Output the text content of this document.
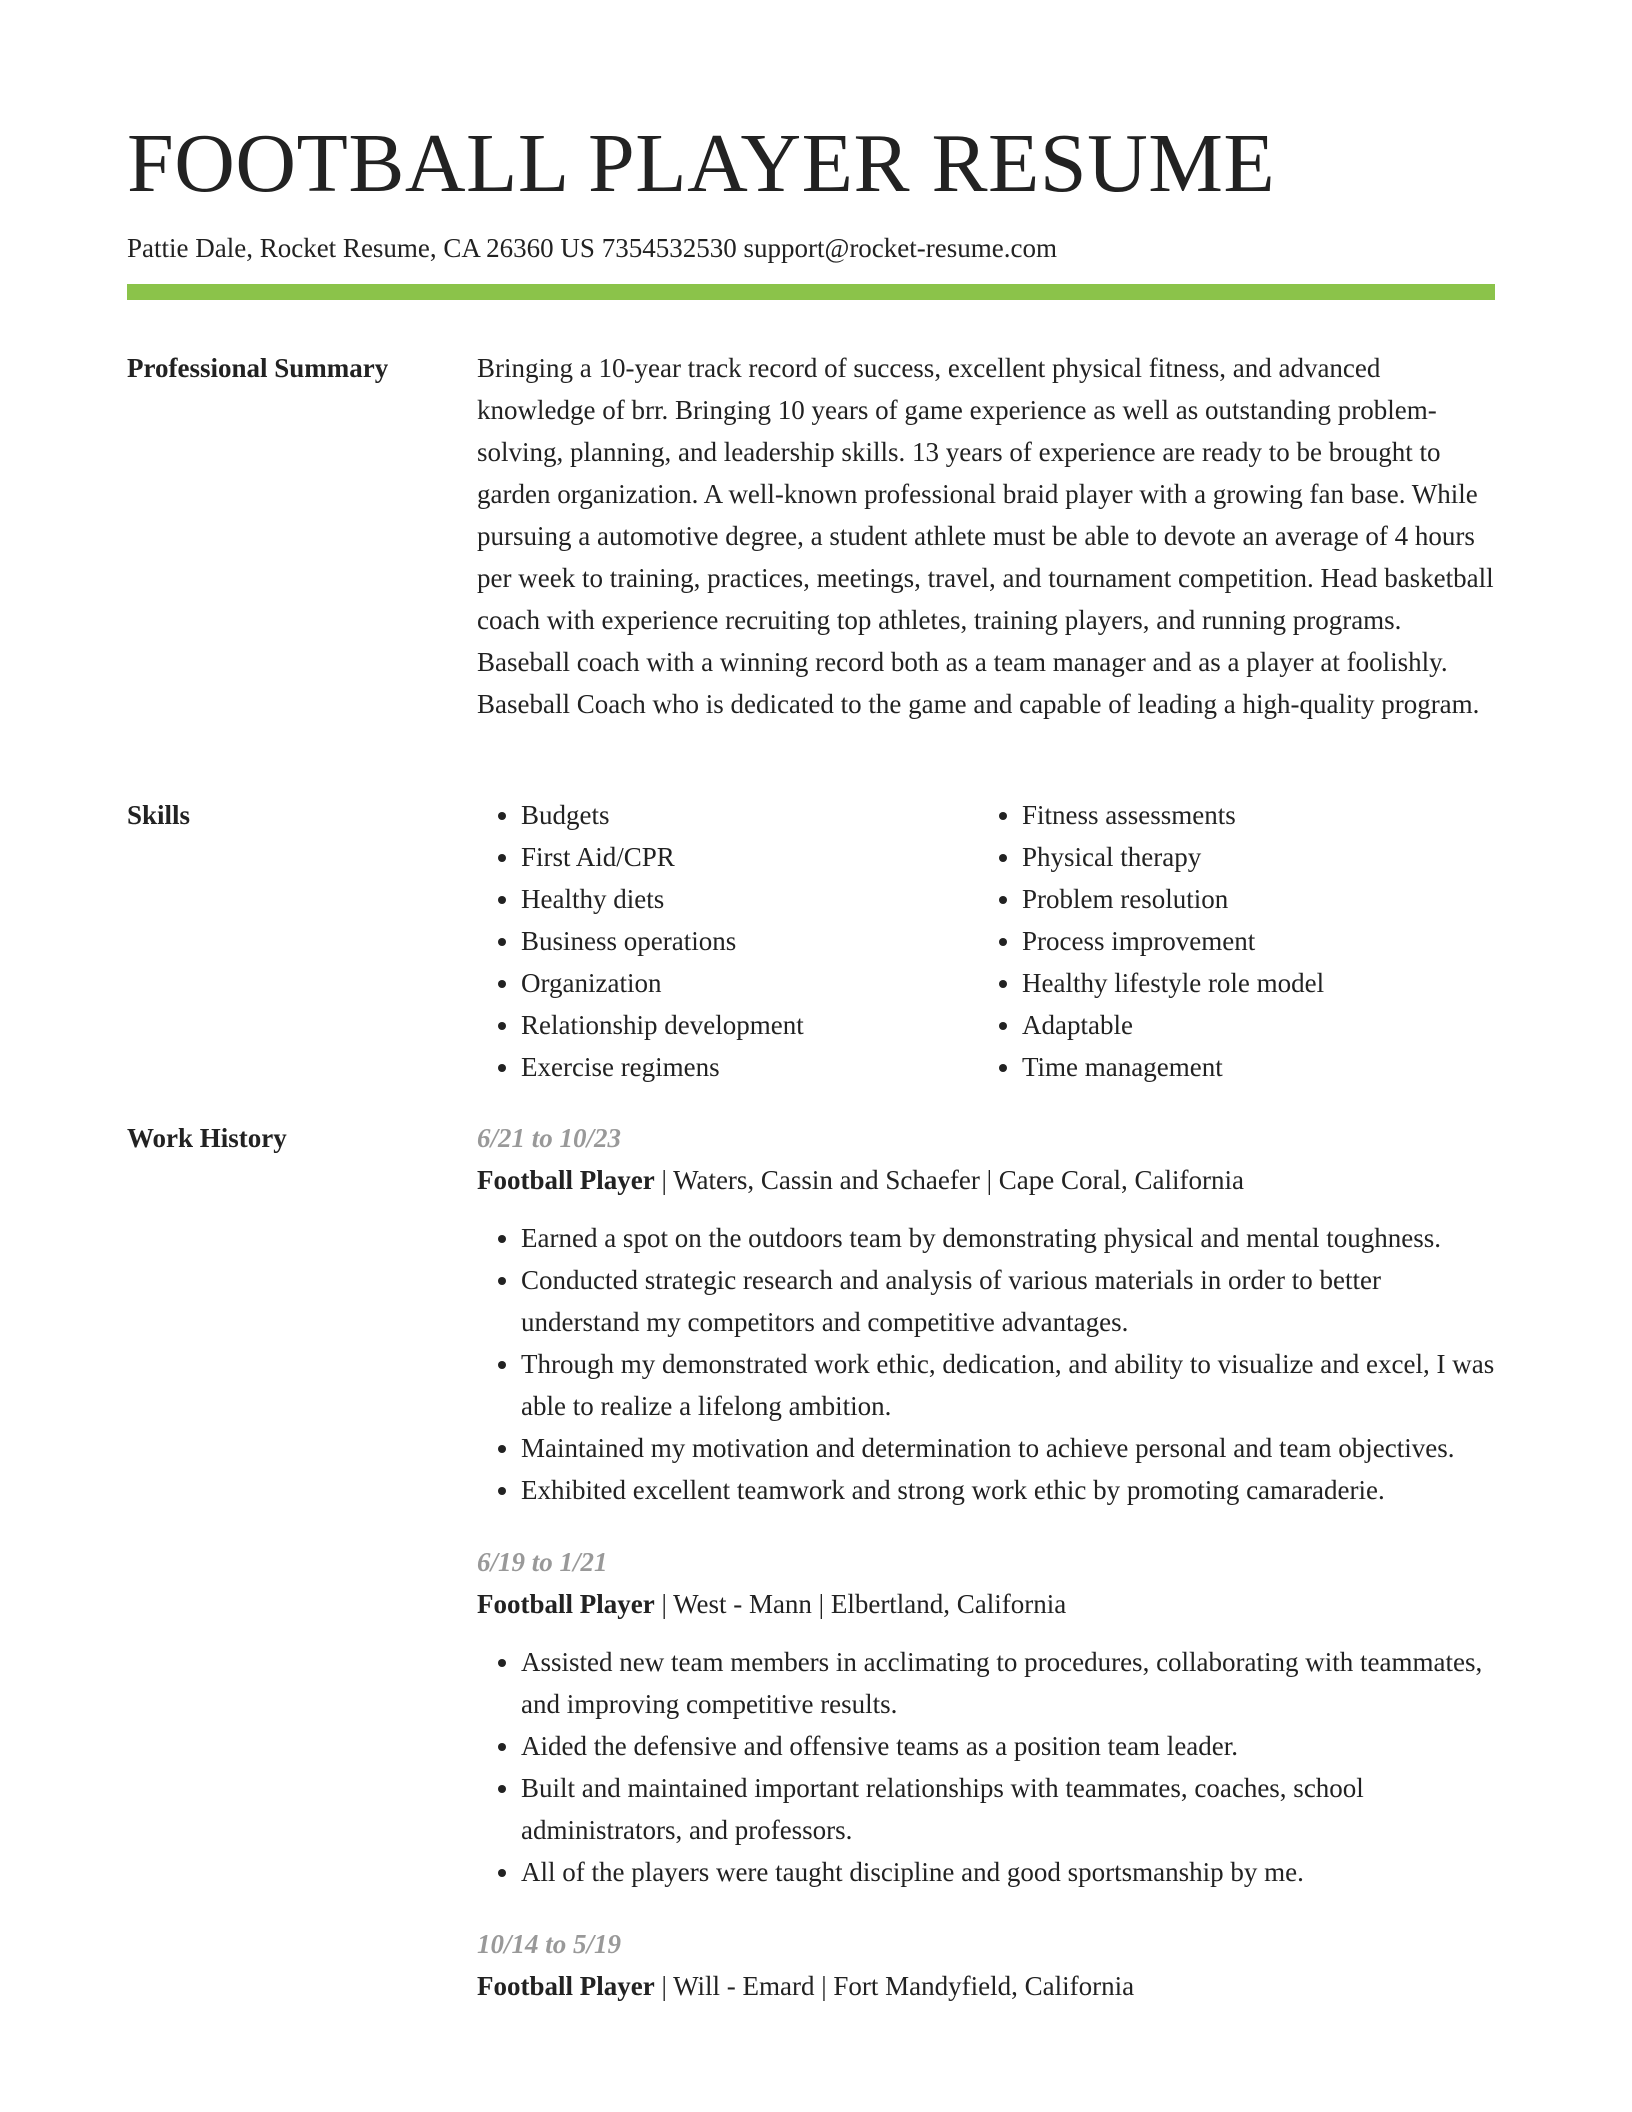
FOOTBALL PLAYER RESUME
Pattie Dale, Rocket Resume, CA 26360 US 7354532530 support@rocket-resume.com
Professional Summary	Bringing a 10-year track record of success, excellent physical fitness, and advanced knowledge of brr. Bringing 10 years of game experience as well as outstanding problem-solving, planning, and leadership skills. 13 years of experience are ready to be brought to garden organization. A well-known professional braid player with a growing fan base. While pursuing a automotive degree, a student athlete must be able to devote an average of 4 hours per week to training, practices, meetings, travel, and tournament competition. Head basketball coach with experience recruiting top athletes, training players, and running programs. Baseball coach with a winning record both as a team manager and as a player at foolishly. Baseball Coach who is dedicated to the game and capable of leading a high-quality program.

Skills
•	Budgets
• First Aid/CPR
• Healthy diets
• Business operations
• Organization
• Relationship development
• Exercise regimens
• Fitness assessments
• Physical therapy
• Problem resolution
• Process improvement
• Healthy lifestyle role model
• Adaptable
• Time management
Work History	6/21 to 10/23
Football Player | Waters, Cassin and Schaefer | Cape Coral, California
• Earned a spot on the outdoors team by demonstrating physical and mental toughness.
• Conducted strategic research and analysis of various materials in order to better understand my competitors and competitive advantages.
• Through my demonstrated work ethic, dedication, and ability to visualize and excel, I was able to realize a lifelong ambition.
• Maintained my motivation and determination to achieve personal and team objectives.
• Exhibited excellent teamwork and strong work ethic by promoting camaraderie.
6/19 to 1/21
Football Player | West - Mann | Elbertland, California
• Assisted new team members in acclimating to procedures, collaborating with teammates, and improving competitive results.
• Aided the defensive and offensive teams as a position team leader.
• Built and maintained important relationships with teammates, coaches, school administrators, and professors.
• All of the players were taught discipline and good sportsmanship by me.
10/14 to 5/19
Football Player | Will - Emard | Fort Mandyfield, California
